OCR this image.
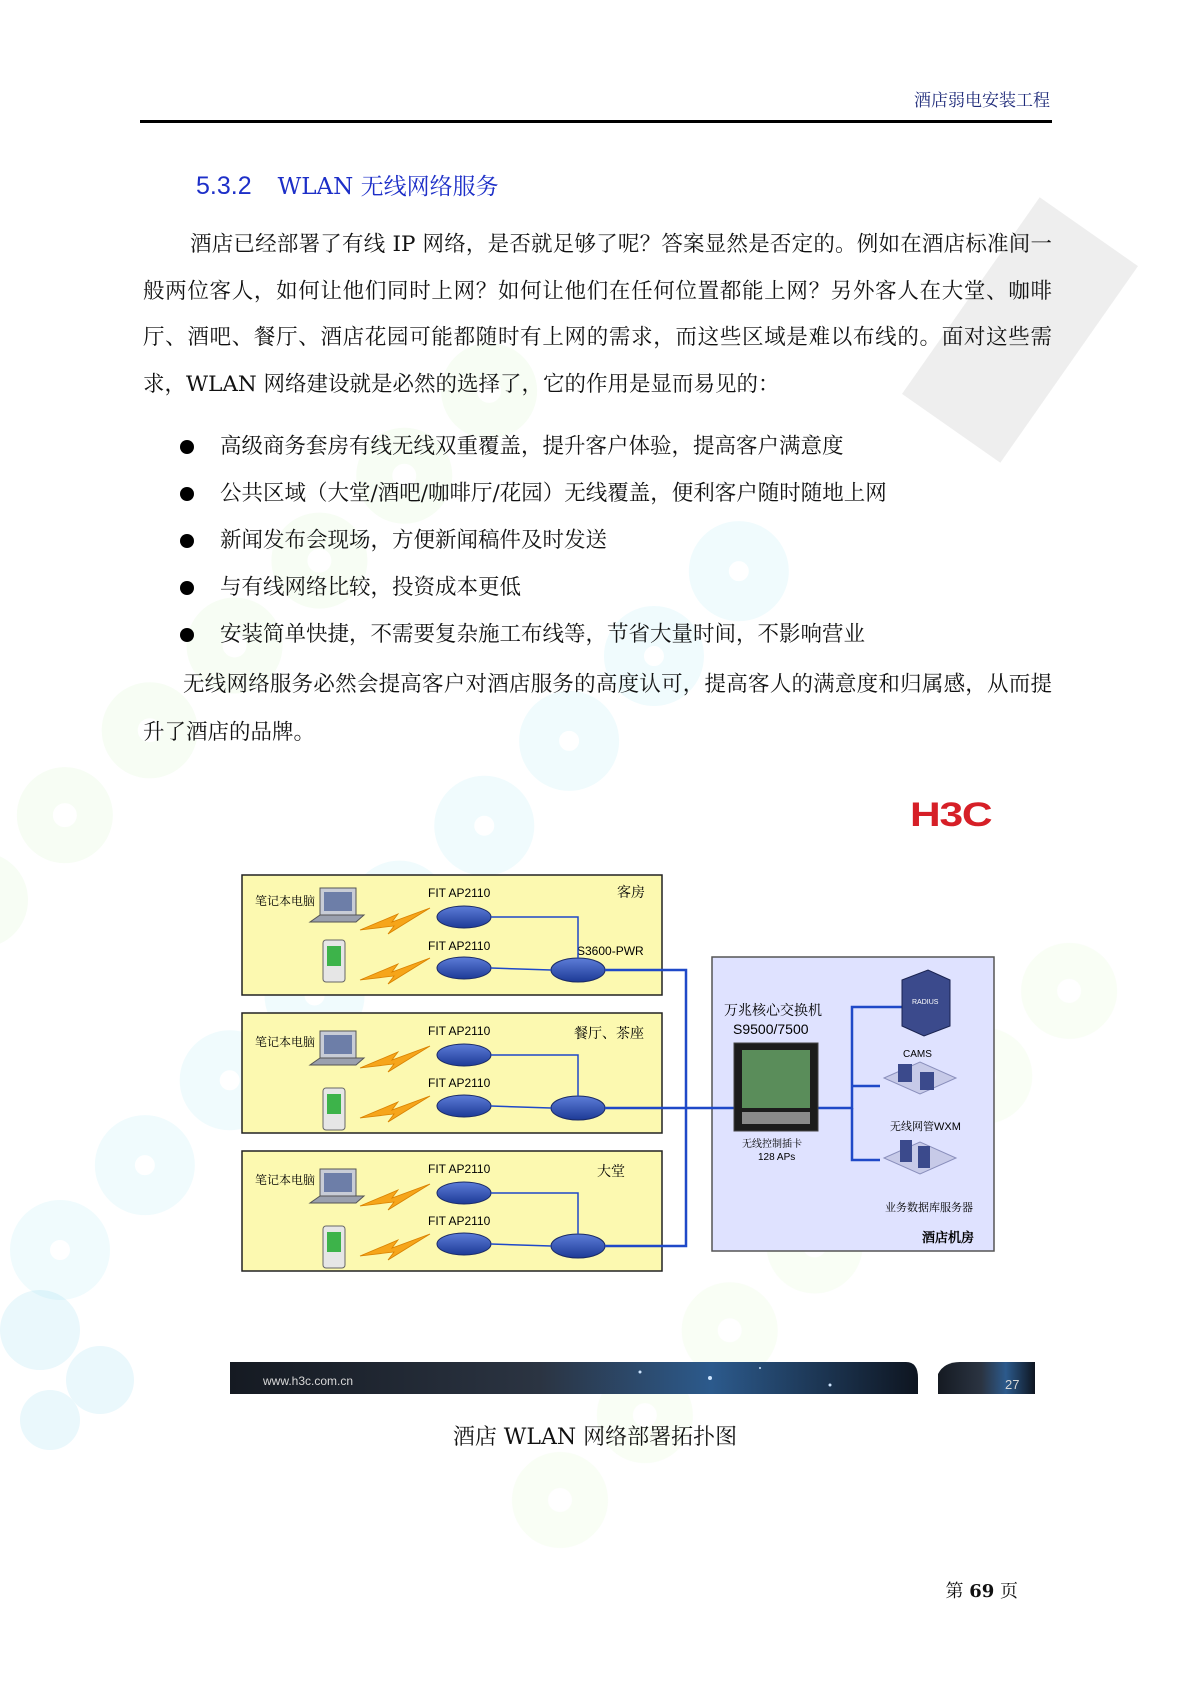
酒店弱电安装工程
5.3.2 WLAN 无线网络服务

酒店已经部署了有线 IP 网络，是否就足够了呢？答案显然是否定的。例如在酒店标准间一般两位客人，如何让他们同时上网？如何让他们在任何位置都能上网？另外客人在大堂、咖啡厅、酒吧、餐厅、酒店花园可能都随时有上网的需求，而这些区域是难以布线的。面对这些需求，WLAN 网络建设就是必然的选择了，它的作用是显而易见的：

高级商务套房有线无线双重覆盖，提升客户体验，提高客户满意度
公共区域（大堂/酒吧/咖啡厅/花园）无线覆盖，便利客户随时随地上网
新闻发布会现场，方便新闻稿件及时发送
与有线网络比较，投资成本更低
安装简单快捷，不需要复杂施工布线等，节省大量时间，不影响营业

无线网络服务必然会提高客户对酒店服务的高度认可，提高客人的满意度和归属感，从而提升了酒店的品牌。

H3C
客房
餐厅、茶座
大堂
笔记本电脑
笔记本电脑
笔记本电脑
FIT AP2110
FIT AP2110
FIT AP2110
FIT AP2110
FIT AP2110
FIT AP2110
S3600-PWR
万兆核心交换机
S9500/7500
无线控制插卡
128 APs
RADIUS
CAMS
无线网管WXM
业务数据库服务器
酒店机房
www.h3c.com.cn	27
酒店 WLAN 网络部署拓扑图
第 69 页
